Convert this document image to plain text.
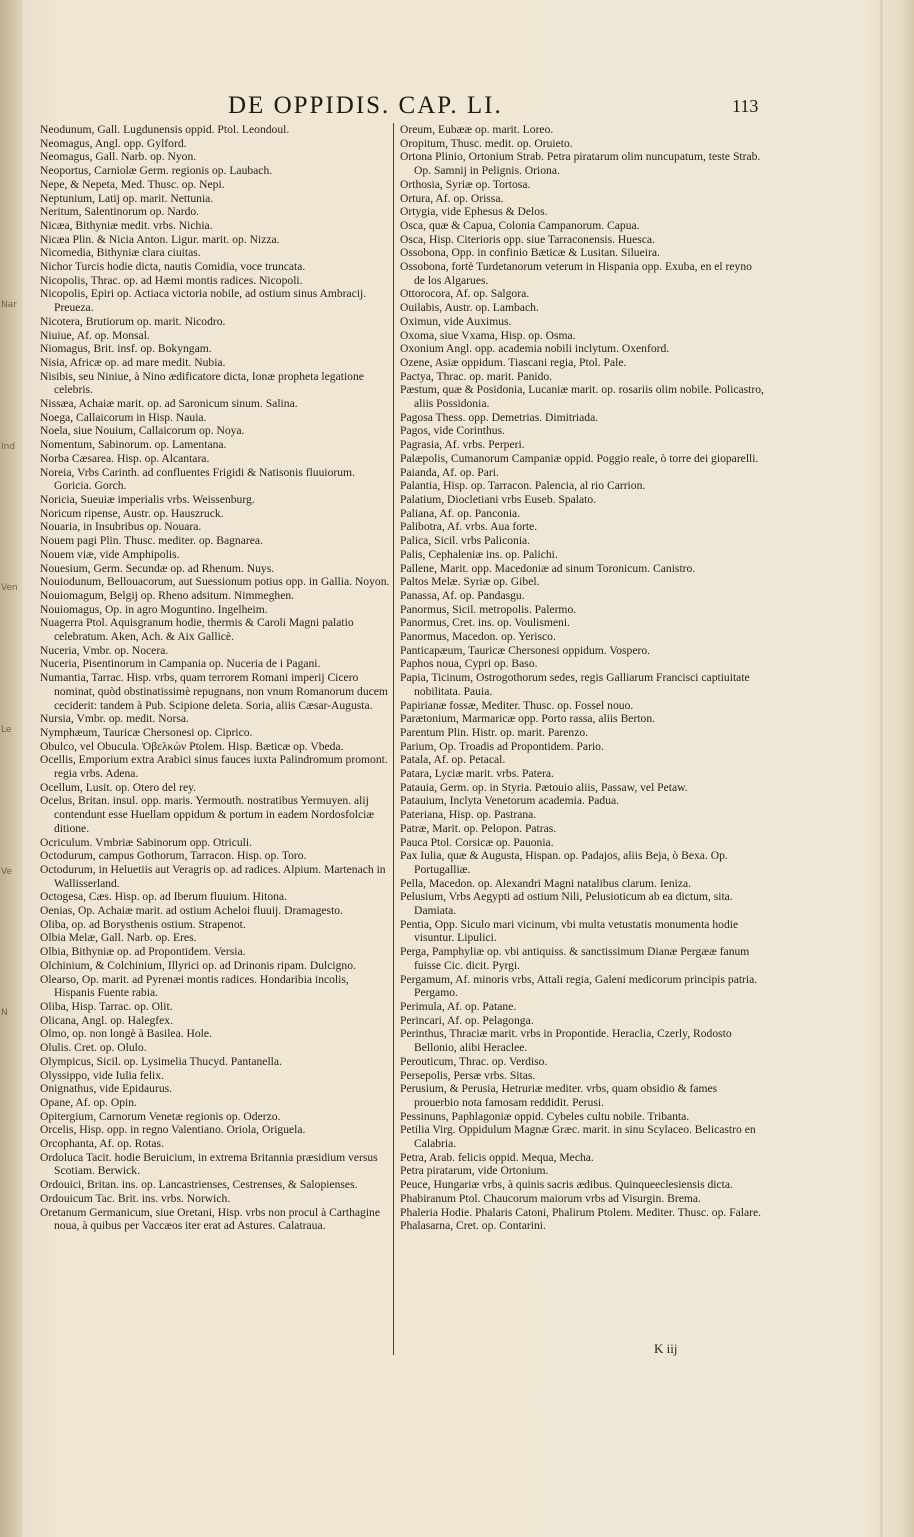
Nar
Ind
Ven
Le
Ve
N
DE OPPIDIS. CAP. LI.	113

Neodunum, Gall. Lugdunensis oppid. Ptol. Leondoul.

Neomagus, Angl. opp. Gylford.

Neomagus, Gall. Narb. op. Nyon.

Neoportus, Carniolæ Germ. regionis op. Laubach.

Nepe, & Nepeta, Med. Thusc. op. Nepi.

Neptunium, Latij op. marit. Nettunia.

Neritum, Salentinorum op. Nardo.

Nicæa, Bithyniæ medit. vrbs. Nichia.

Nicæa Plin. & Nicia Anton. Ligur. marit. op. Nizza.

Nicomedia, Bithyniæ clara ciuitas.

Nichor Turcis hodie dicta, nautis Comidia, voce truncata.

Nicopolis, Thrac. op. ad Hæmi montis radices. Nicopoli.

Nicopolis, Epiri op. Actiaca victoria nobile, ad ostium sinus Ambracij. Preueza.

Nicotera, Brutiorum op. marit. Nicodro.

Niuiue, Af. op. Monsal.

Niomagus, Brit. insf. op. Bokyngam.

Nisia, Africæ op. ad mare medit. Nubia.

Nisibis, seu Niniue, à Nino ædificatore dicta, Ionæ propheta legatione celebris.

Nissæa, Achaiæ marit. op. ad Saronicum sinum. Salina.

Noega, Callaicorum in Hisp. Nauia.

Noela, siue Nouium, Callaicorum op. Noya.

Nomentum, Sabinorum. op. Lamentana.

Norba Cæsarea. Hisp. op. Alcantara.

Noreia, Vrbs Carinth. ad confluentes Frigidi & Natisonis fluuiorum. Goricia. Gorch.

Noricia, Sueuiæ imperialis vrbs. Weissenburg.

Noricum ripense, Austr. op. Hauszruck.

Nouaria, in Insubribus op. Nouara.

Nouem pagi Plin. Thusc. mediter. op. Bagnarea.

Nouem viæ, vide Amphipolis.

Nouesium, Germ. Secundæ op. ad Rhenum. Nuys.

Nouiodunum, Bellouacorum, aut Suessionum potius opp. in Gallia. Noyon.

Nouiomagum, Belgij op. Rheno adsitum. Nimmeghen.

Nouiomagus, Op. in agro Moguntino. Ingelheim.

Nuagerra Ptol. Aquisgranum hodie, thermis & Caroli Magni palatio celebratum. Aken, Ach. & Aix Gallicè.

Nuceria, Vmbr. op. Nocera.

Nuceria, Pisentinorum in Campania op. Nuceria de i Pagani.

Numantia, Tarrac. Hisp. vrbs, quam terrorem Romani imperij Cicero nominat, quòd obstinatissimè repugnans, non vnum Romanorum ducem ceciderit: tandem à Pub. Scipione deleta. Soria, aliis Cæsar-Augusta.

Nursia, Vmbr. op. medit. Norsa.

Nymphæum, Tauricæ Chersonesi op. Ciprico.

Obulco, vel Obucula. Ὀβελκὼν Ptolem. Hisp. Bæticæ op. Vbeda.

Ocellis, Emporium extra Arabici sinus fauces iuxta Palindromum promont. regia vrbs. Adena.

Ocellum, Lusit. op. Otero del rey.

Ocelus, Britan. insul. opp. maris. Yermouth. nostratibus Yermuyen. alij contendunt esse Huellam oppidum & portum in eadem Nordosfolciæ ditione.

Ocriculum. Vmbriæ Sabinorum opp. Otriculi.

Octodurum, campus Gothorum, Tarracon. Hisp. op. Toro.

Octodurum, in Heluetiis aut Veragris op. ad radices. Alpium. Martenach in Wallisserland.

Octogesa, Cæs. Hisp. op. ad Iberum fluuium. Hitona.

Oenias, Op. Achaiæ marit. ad ostium Acheloi fluuij. Dramagesto.

Oliba, op. ad Borysthenis ostium. Strapenot.

Olbia Melæ, Gall. Narb. op. Eres.

Olbia, Bithyniæ op. ad Propontidem. Versia.

Olchinium, & Colchinium, Illyrici op. ad Drinonis ripam. Dulcigno.

Olearso, Op. marit. ad Pyrenæi montis radices. Hondaribia incolis, Hispanis Fuente rabia.

Oliba, Hisp. Tarrac. op. Olit.

Olicana, Angl. op. Halegfex.

Olmo, op. non longè à Basilea. Hole.

Olulis. Cret. op. Olulo.

Olympicus, Sicil. op. Lysimelia Thucyd. Pantanella.

Olyssippo, vide Iulia felix.

Onignathus, vide Epidaurus.

Opane, Af. op. Opin.

Opitergium, Carnorum Venetæ regionis op. Oderzo.

Orcelis, Hisp. opp. in regno Valentiano. Oriola, Origuela.

Orcophanta, Af. op. Rotas.

Ordoluca Tacit. hodie Beruicium, in extrema Britannia præsidium versus Scotiam. Berwick.

Ordouici, Britan. ins. op. Lancastrienses, Cestrenses, & Salopienses.

Ordouicum Tac. Brit. ins. vrbs. Norwich.

Oretanum Germanicum, siue Oretani, Hisp. vrbs non procul à Carthagine noua, à quibus per Vaccæos iter erat ad Astures. Calatraua.

Oreum, Eubææ op. marit. Loreo.

Oropitum, Thusc. medit. op. Oruieto.

Ortona Plinio, Ortonium Strab. Petra piratarum olim nuncupatum, teste Strab. Op. Samnij in Pelignis. Oriona.

Orthosia, Syriæ op. Tortosa.

Ortura, Af. op. Orissa.

Ortygia, vide Ephesus & Delos.

Osca, quæ & Capua, Colonia Campanorum. Capua.

Osca, Hisp. Citerioris opp. siue Tarraconensis. Huesca.

Ossobona, Opp. in confinio Bæticæ & Lusitan. Silueira.

Ossobona, fortè Turdetanorum veterum in Hispania opp. Exuba, en el reyno de los Algarues.

Ottorocora, Af. op. Salgora.

Ouilabis, Austr. op. Lambach.

Oximun, vide Auximus.

Oxoma, siue Vxama, Hisp. op. Osma.

Oxonium Angl. opp. academia nobili inclytum. Oxenford.

Ozene, Asiæ oppidum. Tiascani regia, Ptol. Pale.

Pactya, Thrac. op. marit. Panido.

Pæstum, quæ & Posidonia, Lucaniæ marit. op. rosariis olim nobile. Policastro, aliis Possidonia.

Pagosa Thess. opp. Demetrias. Dimitriada.

Pagos, vide Corinthus.

Pagrasia, Af. vrbs. Perperi.

Palæpolis, Cumanorum Campaniæ oppid. Poggio reale, ò torre dei gioparelli.

Paianda, Af. op. Pari.

Palantia, Hisp. op. Tarracon. Palencia, al rio Carrion.

Palatium, Diocletiani vrbs Euseb. Spalato.

Paliana, Af. op. Panconia.

Palibotra, Af. vrbs. Aua forte.

Palica, Sicil. vrbs Paliconia.

Palis, Cephaleniæ ins. op. Palichi.

Pallene, Marit. opp. Macedoniæ ad sinum Toronicum. Canistro.

Paltos Melæ. Syriæ op. Gibel.

Panassa, Af. op. Pandasgu.

Panormus, Sicil. metropolis. Palermo.

Panormus, Cret. ins. op. Voulismeni.

Panormus, Macedon. op. Yerisco.

Panticapæum, Tauricæ Chersonesi oppidum. Vospero.

Paphos noua, Cypri op. Baso.

Papia, Ticinum, Ostrogothorum sedes, regis Galliarum Francisci captiuitate nobilitata. Pauia.

Papirianæ fossæ, Mediter. Thusc. op. Fossel nouo.

Parætonium, Marmaricæ opp. Porto rassa, aliis Berton.

Parentum Plin. Histr. op. marit. Parenzo.

Parium, Op. Troadis ad Propontidem. Pario.

Patala, Af. op. Petacal.

Patara, Lyciæ marit. vrbs. Patera.

Patauia, Germ. op. in Styria. Pætouio aliis, Passaw, vel Petaw.

Patauium, Inclyta Venetorum academia. Padua.

Pateriana, Hisp. op. Pastrana.

Patræ, Marit. op. Pelopon. Patras.

Pauca Ptol. Corsicæ op. Pauonia.

Pax Iulia, quæ & Augusta, Hispan. op. Padajos, aliis Beja, ò Bexa. Op. Portugalliæ.

Pella, Macedon. op. Alexandri Magni natalibus clarum. Ieniza.

Pelusium, Vrbs Aegypti ad ostium Nili, Pelusioticum ab ea dictum, sita. Damiata.

Pentia, Opp. Siculo mari vicinum, vbi multa vetustatis monumenta hodie visuntur. Lipulici.

Perga, Pamphyliæ op. vbi antiquiss. & sanctissimum Dianæ Pergææ fanum fuisse Cic. dicit. Pyrgi.

Pergamum, Af. minoris vrbs, Attali regia, Galeni medicorum principis patria. Pergamo.

Perimula, Af. op. Patane.

Perincari, Af. op. Pelagonga.

Perinthus, Thraciæ marit. vrbs in Propontide. Heraclia, Czerly, Rodosto Bellonio, alibi Heraclee.

Perouticum, Thrac. op. Verdiso.

Persepolis, Persæ vrbs. Sitas.

Perusium, & Perusia, Hetruriæ mediter. vrbs, quam obsidio & fames prouerbio nota famosam reddidit. Perusi.

Pessinuns, Paphlagoniæ oppid. Cybeles cultu nobile. Tribanta.

Petilia Virg. Oppidulum Magnæ Græc. marit. in sinu Scylaceo. Belicastro en Calabria.

Petra, Arab. felicis oppid. Mequa, Mecha.

Petra piratarum, vide Ortonium.

Peuce, Hungariæ vrbs, à quinis sacris ædibus. Quinqueeclesiensis dicta.

Phabiranum Ptol. Chaucorum maiorum vrbs ad Visurgin. Brema.

Phaleria Hodie. Phalaris Catoni, Phalirum Ptolem. Mediter. Thusc. op. Falare.

Phalasarna, Cret. op. Contarini.

K iij
